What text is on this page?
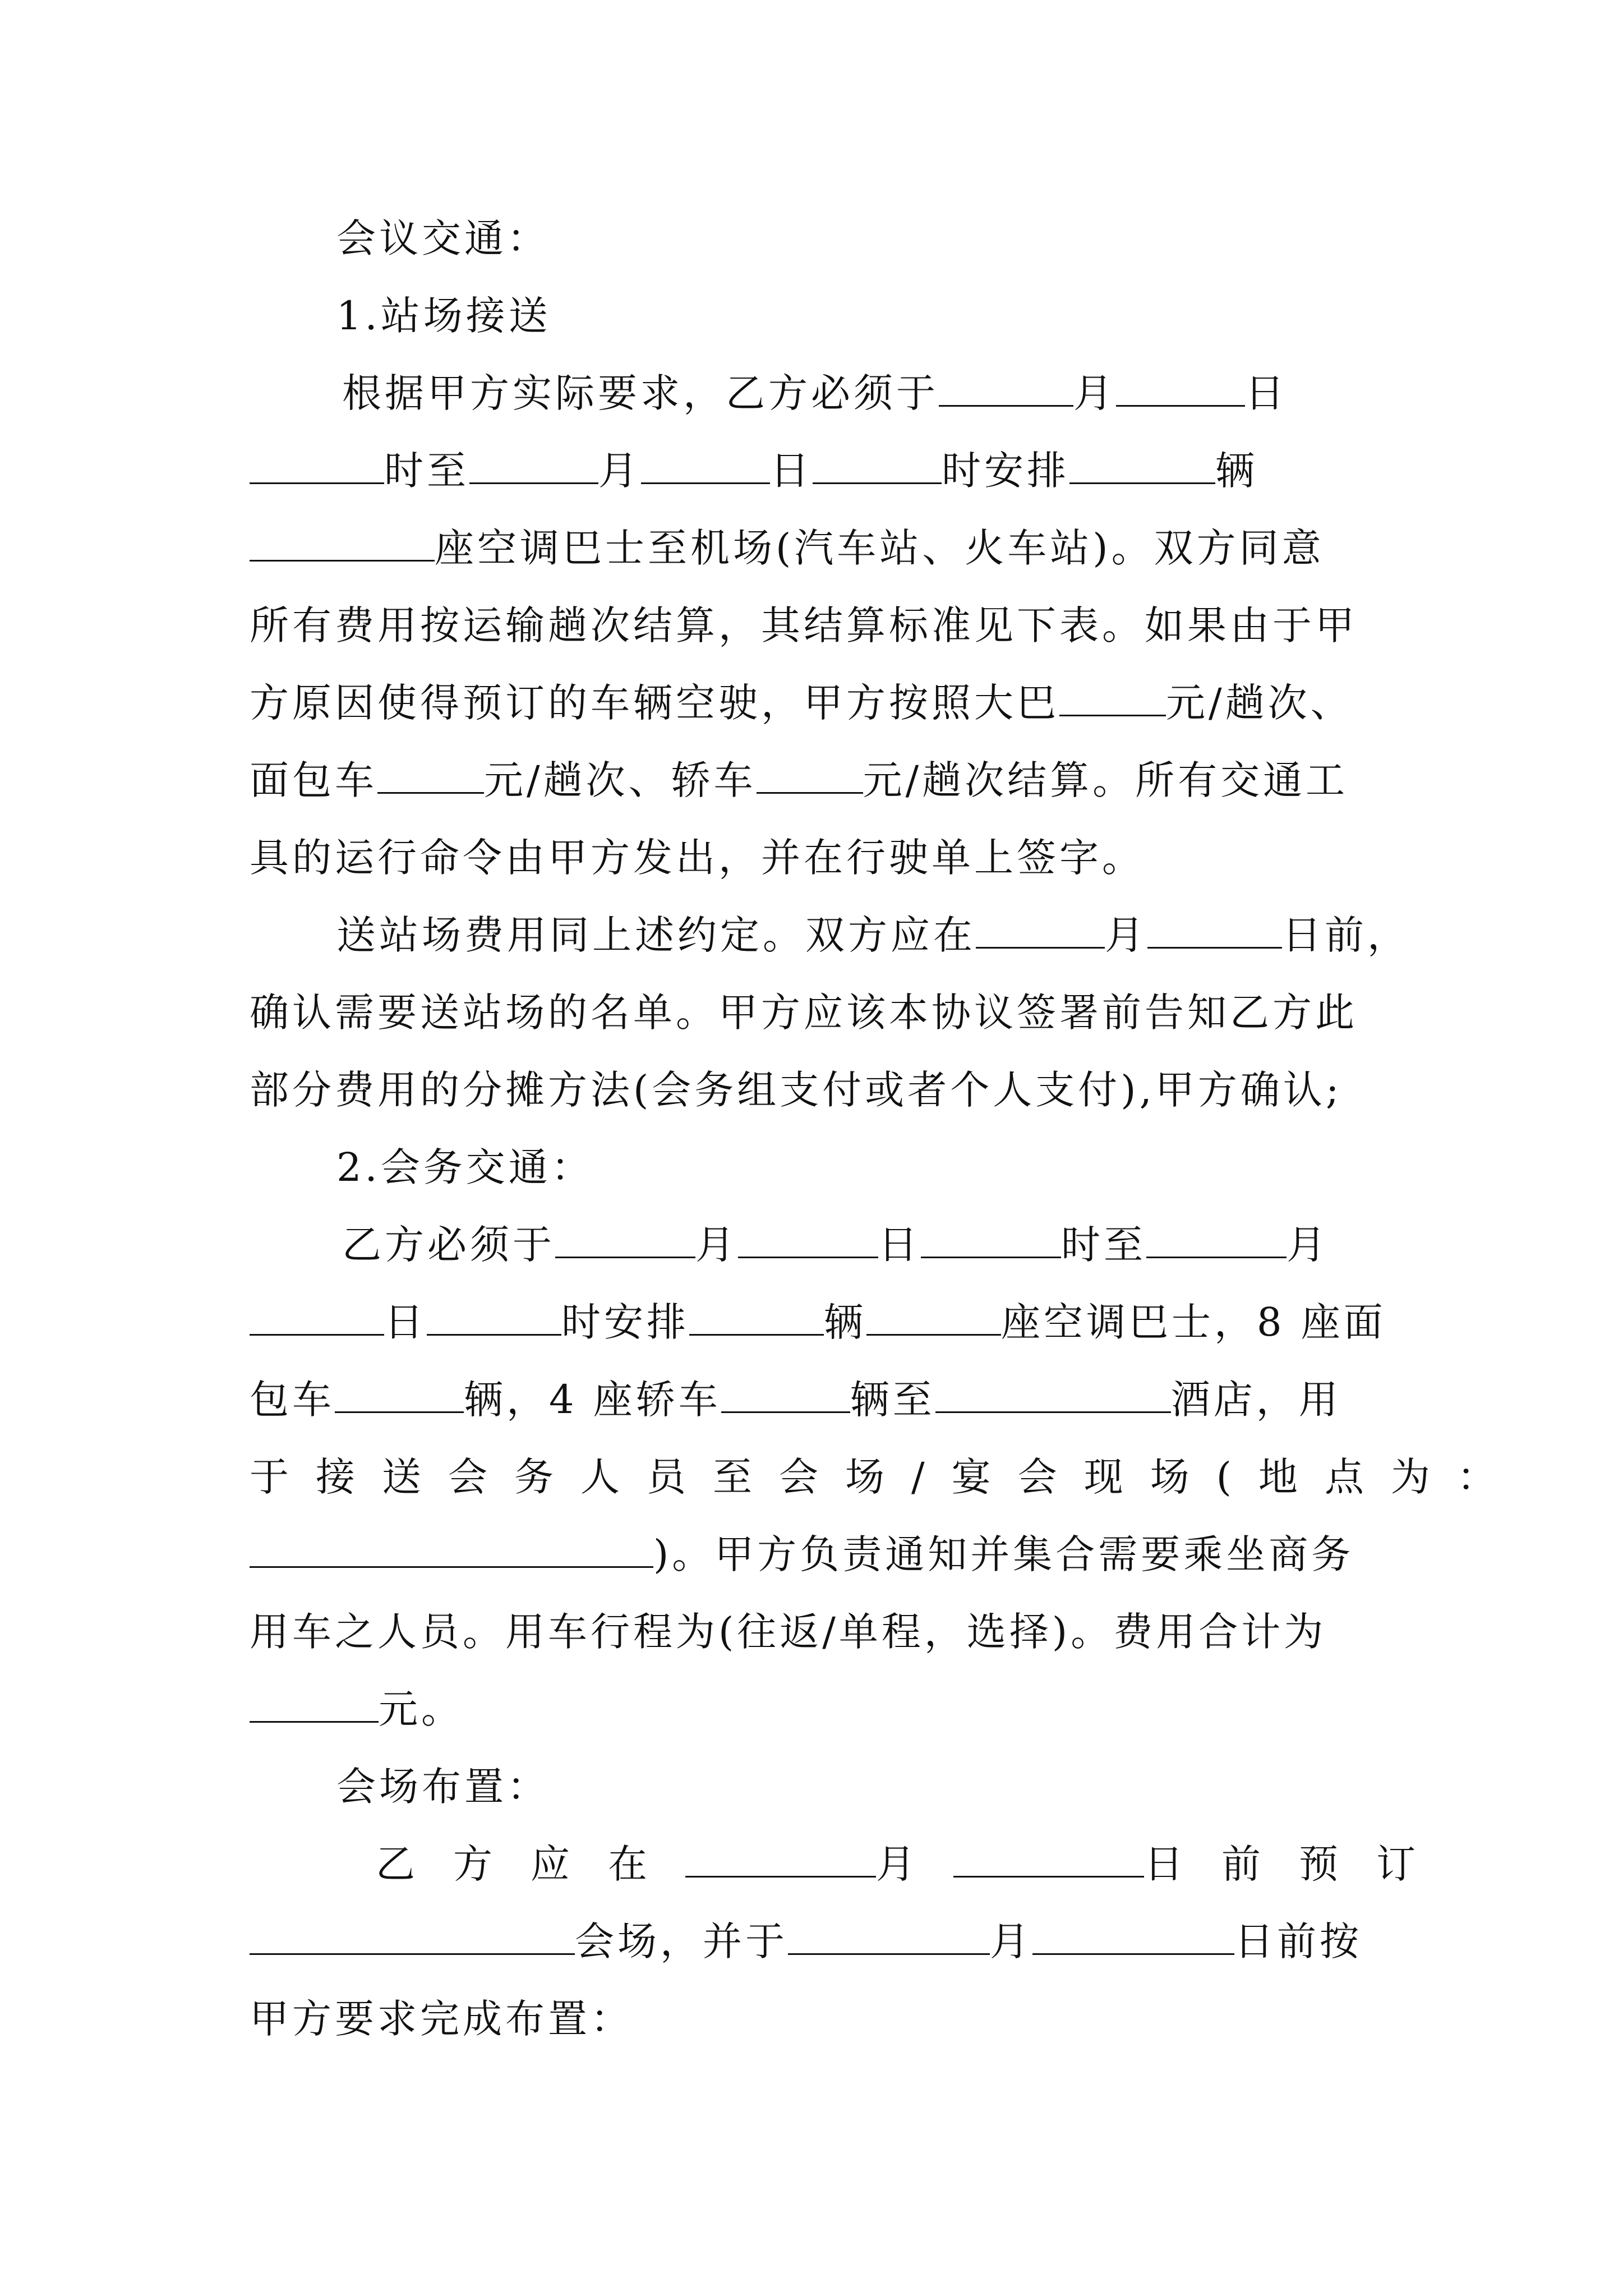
会议交通：
1.站场接送
根据甲方实际要求，乙方必须于	月	日
时至	月	日	时安排	辆
座空调巴士至机场(汽车站、火车站)。双方同意
所有费用按运输趟次结算，其结算标准见下表。如果由于甲
方原因使得预订的车辆空驶，甲方按照大巴	元/趟次、
面包车	元/趟次、轿车	元/趟次结算。所有交通工
具的运行命令由甲方发出，并在行驶单上签字。
送站场费用同上述约定。双方应在	月	日前，
确认需要送站场的名单。甲方应该本协议签署前告知乙方此
部分费用的分摊方法(会务组支付或者个人支付),甲方确认;
2.会务交通：
乙方必须于	月	日	时至	月
日	时安排	辆	座空调巴士，8 座面
包车	辆，4 座轿车	辆至	酒店，用
于接送会务人员至会场/宴会现场(地点为：
)。甲方负责通知并集合需要乘坐商务
用车之人员。用车行程为(往返/单程，选择)。费用合计为
元。
会场布置：
乙方应在	月	日前预订
会场，并于	月	日前按
甲方要求完成布置：
